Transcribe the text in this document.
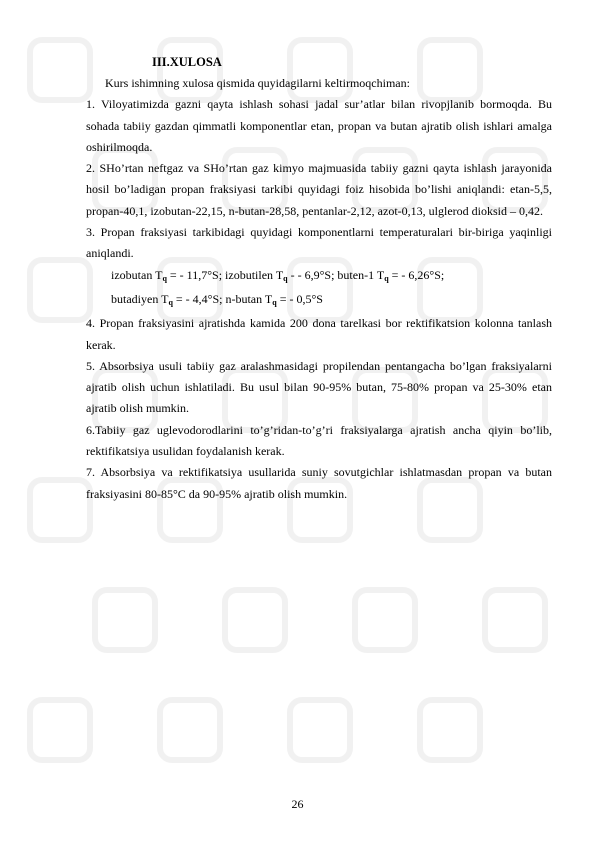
III.XULOSA

Kurs ishimning xulosa qismida quyidagilarni keltirmoqchiman:

1. Viloyatimizda gazni qayta ishlash sohasi jadal sur’atlar bilan rivopjlanib bormoqda. Bu sohada tabiiy gazdan qimmatli komponentlar etan, propan va butan ajratib olish ishlari amalga oshirilmoqda.

2. SHo’rtan neftgaz va SHo’rtan gaz kimyo majmuasida tabiiy gazni qayta ishlash jarayonida hosil bo’ladigan propan fraksiyasi tarkibi quyidagi foiz hisobida bo’lishi aniqlandi: etan-5,5, propan-40,1, izobutan-22,15, n-butan-28,58, pentanlar-2,12, azot-0,13, ulglerod dioksid – 0,42.

3. Propan fraksiyasi tarkibidagi quyidagi komponentlarni temperaturalari bir-biriga yaqinligi aniqlandi.

izobutan $T_q$ = - 11,7°S; izobutilen $T_q$ - - 6,9°S; buten-1 $T_q$ = - 6,26°S;
butadiyen $T_q$ = - 4,4°S; n-butan $T_q$ = - 0,5°S

4. Propan fraksiyasini ajratishda kamida 200 dona tarelkasi bor rektifikatsion kolonna tanlash kerak.

5. Absorbsiya usuli tabiiy gaz aralashmasidagi propilendan pentangacha bo’lgan fraksiyalarni ajratib olish uchun ishlatiladi. Bu usul bilan 90-95% butan, 75-80% propan va 25-30% etan ajratib olish mumkin.

6.Tabiiy gaz uglevodorodlarini to’g’ridan-to’g’ri fraksiyalarga ajratish ancha qiyin bo’lib, rektifikatsiya usulidan foydalanish kerak.

7. Absorbsiya va rektifikatsiya usullarida suniy sovutgichlar ishlatmasdan propan va butan fraksiyasini 80-85°C da 90-95% ajratib olish mumkin.

26
